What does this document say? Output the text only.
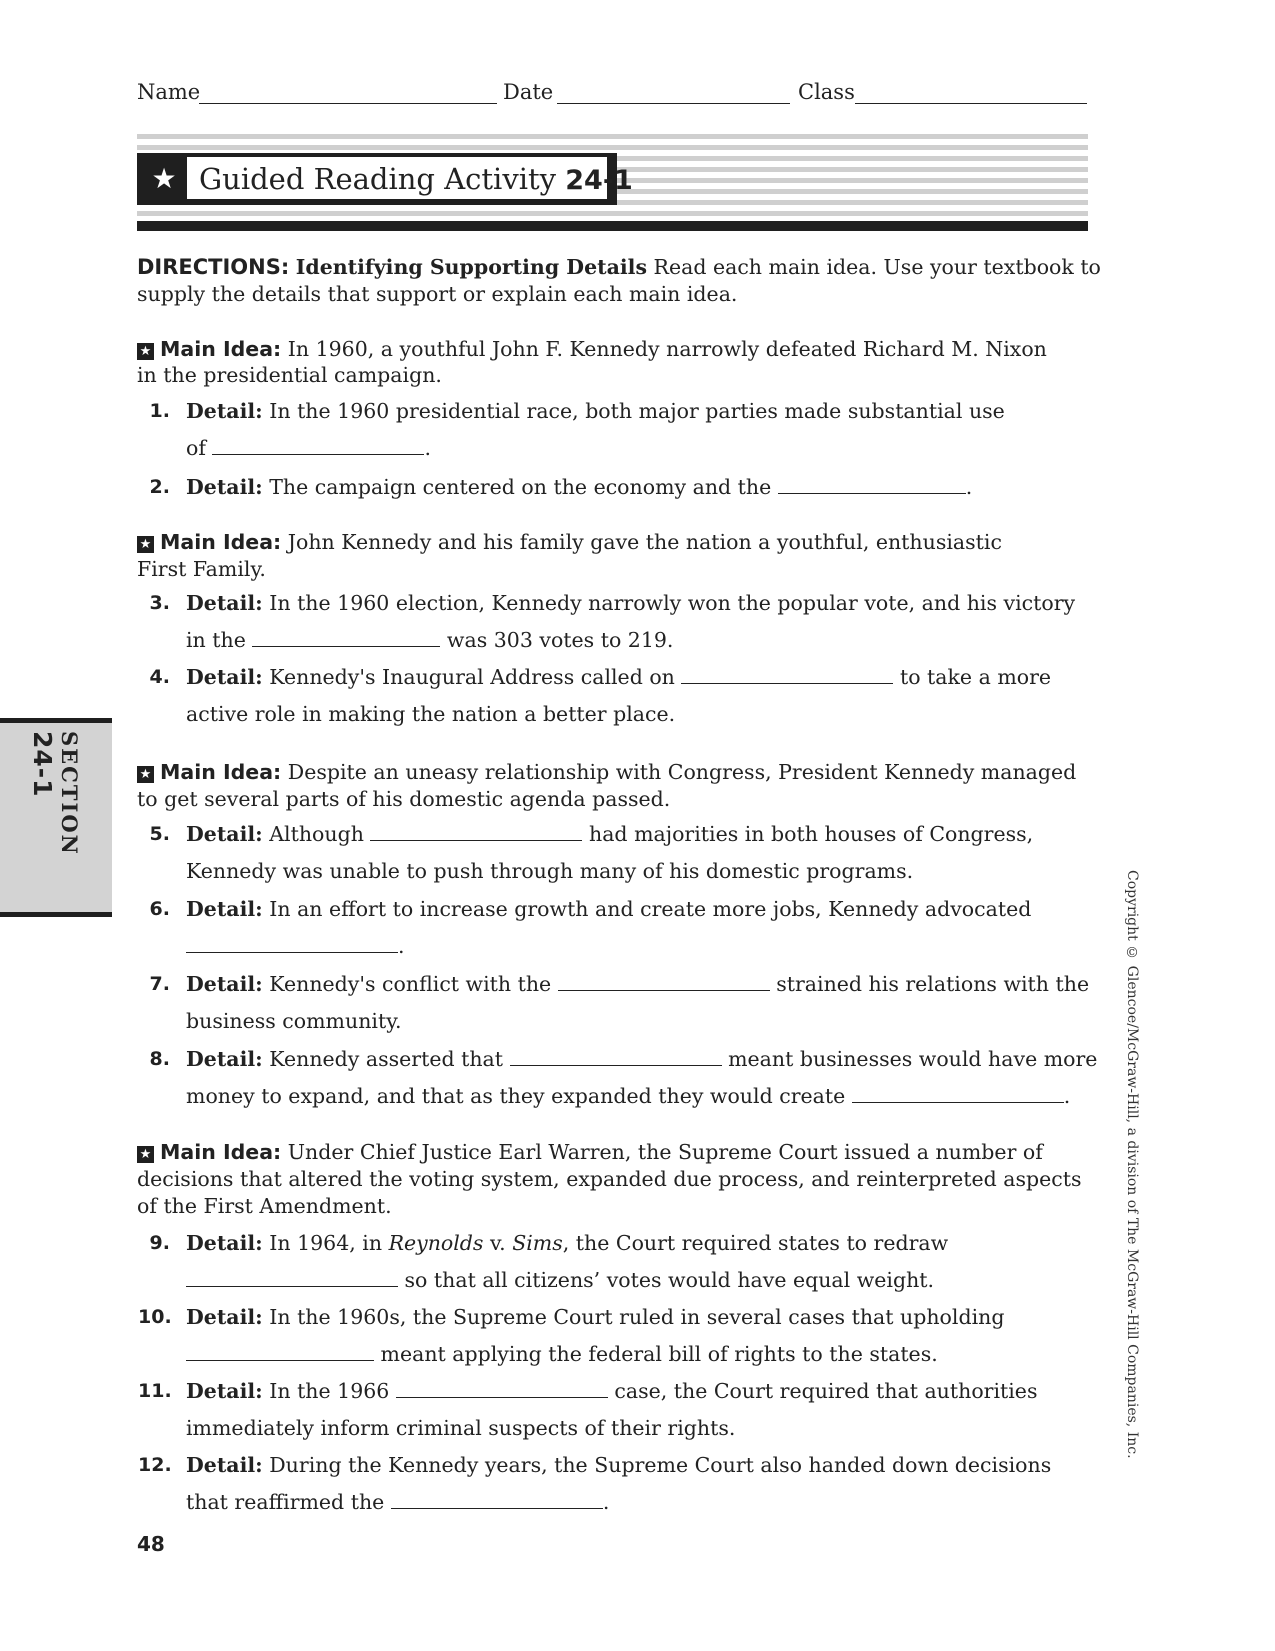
Name	Date	Class
★ Guided Reading Activity 24-1
DIRECTIONS: Identifying Supporting Details Read each main idea. Use your textbook to
supply the details that support or explain each main idea.
★ Main Idea: In 1960, a youthful John F. Kennedy narrowly defeated Richard M. Nixon
in the presidential campaign.
1. Detail: In the 1960 presidential race, both major parties made substantial use
of	.
2. Detail: The campaign centered on the economy and the	.
★ Main Idea: John Kennedy and his family gave the nation a youthful, enthusiastic
First Family.
3. Detail: In the 1960 election, Kennedy narrowly won the popular vote, and his victory
in the	was 303 votes to 219.
4. Detail: Kennedy's Inaugural Address called on	to take a more
active role in making the nation a better place.
★ Main Idea: Despite an uneasy relationship with Congress, President Kennedy managed
to get several parts of his domestic agenda passed.
5. Detail: Although	had majorities in both houses of Congress,
Kennedy was unable to push through many of his domestic programs.
6. Detail: In an effort to increase growth and create more jobs, Kennedy advocated
.
7. Detail: Kennedy's conflict with the	strained his relations with the
business community.
8. Detail: Kennedy asserted that	meant businesses would have more
money to expand, and that as they expanded they would create	.
★ Main Idea: Under Chief Justice Earl Warren, the Supreme Court issued a number of
decisions that altered the voting system, expanded due process, and reinterpreted aspects
of the First Amendment.
9. Detail: In 1964, in Reynolds v. Sims, the Court required states to redraw
so that all citizens’ votes would have equal weight.
10. Detail: In the 1960s, the Supreme Court ruled in several cases that upholding
meant applying the federal bill of rights to the states.
11. Detail: In the 1966	case, the Court required that authorities
immediately inform criminal suspects of their rights.
12. Detail: During the Kennedy years, the Supreme Court also handed down decisions
that reaffirmed the	.
SECTION 24-1
Copyright © Glencoe/McGraw-Hill, a division of The McGraw-Hill Companies, Inc.
48
